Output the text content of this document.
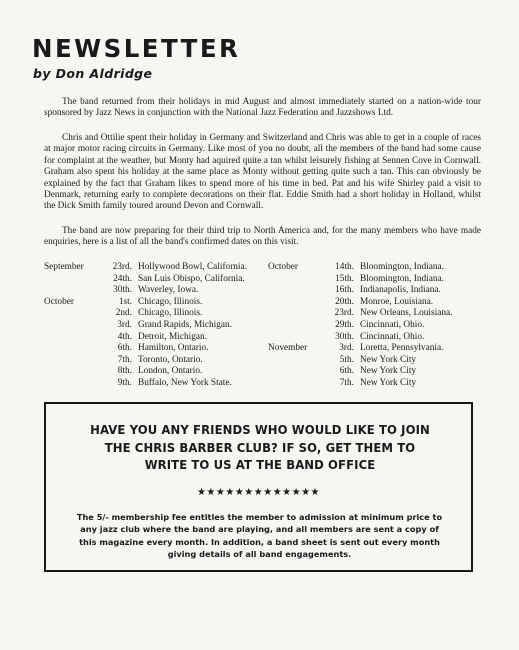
NEWSLETTER
by Don Aldridge

The band returned from their holidays in mid August and almost immediately started on a nation-wide tour sponsored by Jazz News in conjunction with the National Jazz Federation and Jazzshows Ltd.

Chris and Ottilie spent their holiday in Germany and Switzerland and Chris was able to get in a couple of races at major motor racing circuits in Germany. Like most of you no doubt, all the members of the band had some cause for complaint at the weather, but Monty had aquired quite a tan whilst leisurely fishing at Sennen Cove in Cornwall. Graham also spent his holiday at the same place as Monty without getting quite such a tan. This can obviously be explained by the fact that Graham likes to spend more of his time in bed. Pat and his wife Shirley paid a visit to Denmark, returning early to complete decorations on their flat. Eddie Smith had a short holiday in Holland, whilst the Dick Smith family toured around Devon and Cornwall.

The band are now preparing for their third trip to North America and, for the many members who have made enquiries, here is a list of all the band's confirmed dates on this visit.

September	23rd. Hollywood Bowl, California.
24th. San Luis Obispo, California.
30th. Waverley, Iowa.
October	1st. Chicago, Illinois.
2nd. Chicago, Illinois.
3rd. Grand Rapids, Michigan.
4th. Detroit, Michigan.
6th. Hamilton, Ontario.
7th. Toronto, Ontario.
8th. London, Ontario.
9th. Buffalo, New York State.
October	14th. Bloomington, Indiana.
15th. Bloomington, Indiana.
16th. Indianapolis, Indiana.
20th. Monroe, Louisiana.
23rd. New Orleans, Louisiana.
29th. Cincinnati, Ohio.
30th. Cincinnati, Ohio.
November	3rd. Loretta, Pennsylvania.
5th. New York City
6th. New York City
7th. New York City
HAVE YOU ANY FRIENDS WHO WOULD LIKE TO JOIN THE CHRIS BARBER CLUB? IF SO, GET THEM TO WRITE TO US AT THE BAND OFFICE
★★★★★★★★★★★★★
The 5/- membership fee entitles the member to admission at minimum price to any jazz club where the band are playing, and all members are sent a copy of this magazine every month. In addition, a band sheet is sent out every month giving details of all band engagements.
